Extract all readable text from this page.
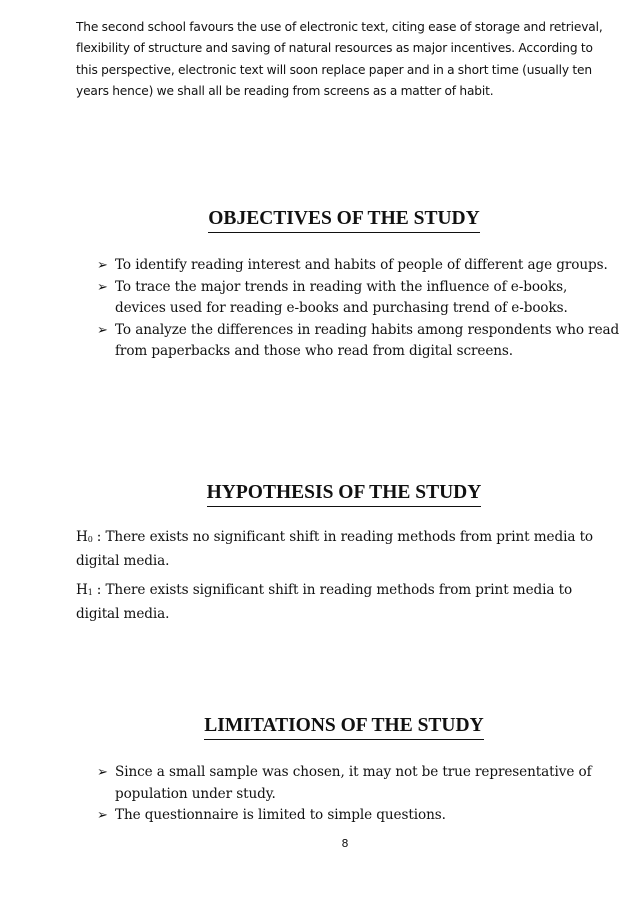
The second school favours the use of electronic text, citing ease of storage and retrieval, flexibility of structure and saving of natural resources as major incentives. According to this perspective, electronic text will soon replace paper and in a short time (usually ten years hence) we shall all be reading from screens as a matter of habit.

OBJECTIVES OF THE STUDY
➢ To identify reading interest and habits of people of different age groups.
➢ To trace the major trends in reading with the influence of e-books, devices used for reading e-books and purchasing trend of e-books.
➢ To analyze the differences in reading habits among respondents who read from paperbacks and those who read from digital screens.
HYPOTHESIS OF THE STUDY

$H_0$ : There exists no significant shift in reading methods from print media to digital media.

$H_1$ : There exists significant shift in reading methods from print media to digital media.

LIMITATIONS OF THE STUDY
➢ Since a small sample was chosen, it may not be true representative of population under study.
➢ The questionnaire is limited to simple questions.
8
